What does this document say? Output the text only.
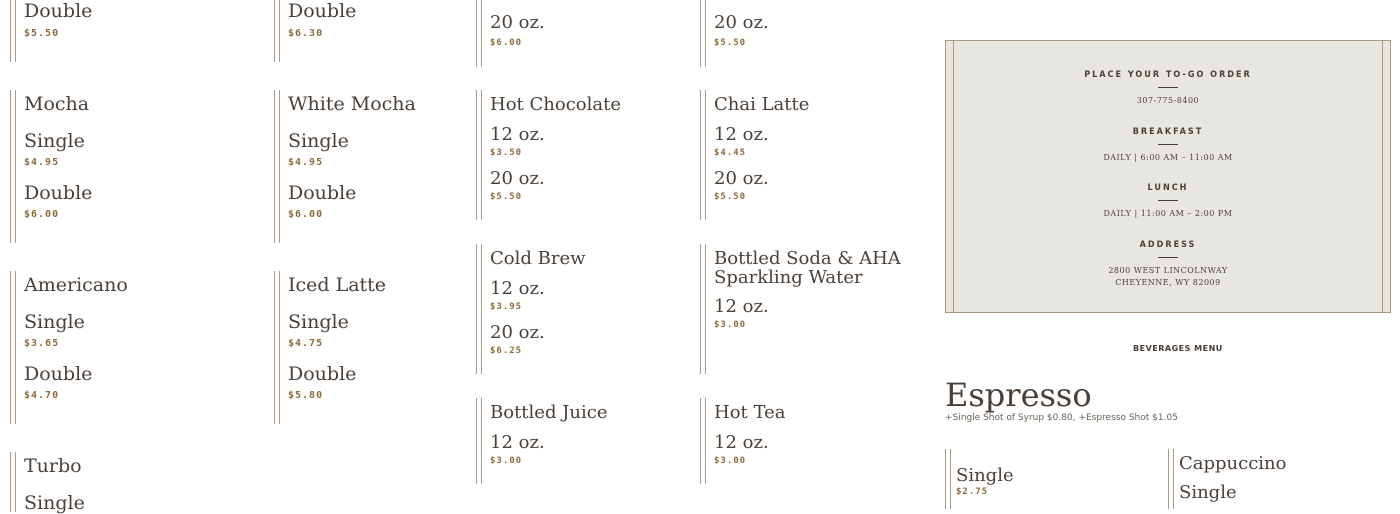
Double
$5.50
Mocha
Single
$4.95
Double
$6.00
Americano
Single
$3.65
Double
$4.70
Turbo
Single
Double
$6.30
White Mocha
Single
$4.95
Double
$6.00
Iced Latte
Single
$4.75
Double
$5.80
20 oz.
$6.00
Hot Chocolate
12 oz.
$3.50
20 oz.
$5.50
Cold Brew
12 oz.
$3.95
20 oz.
$6.25
Bottled Juice
12 oz.
$3.00
20 oz.
$5.50
Chai Latte
12 oz.
$4.45
20 oz.
$5.50
Bottled Soda & AHA
Sparkling Water
12 oz.
$3.00
Hot Tea
12 oz.
$3.00
PLACE YOUR TO-GO ORDER
307-775-8400
BREAKFAST
DAILY | 6:00 AM – 11:00 AM
LUNCH
DAILY | 11:00 AM – 2:00 PM
ADDRESS
2800 WEST LINCOLNWAY
CHEYENNE, WY 82009
BEVERAGES MENU
Espresso
+Single Shot of Syrup $0.80, +Espresso Shot $1.05
Single
$2.75
Cappuccino
Single
